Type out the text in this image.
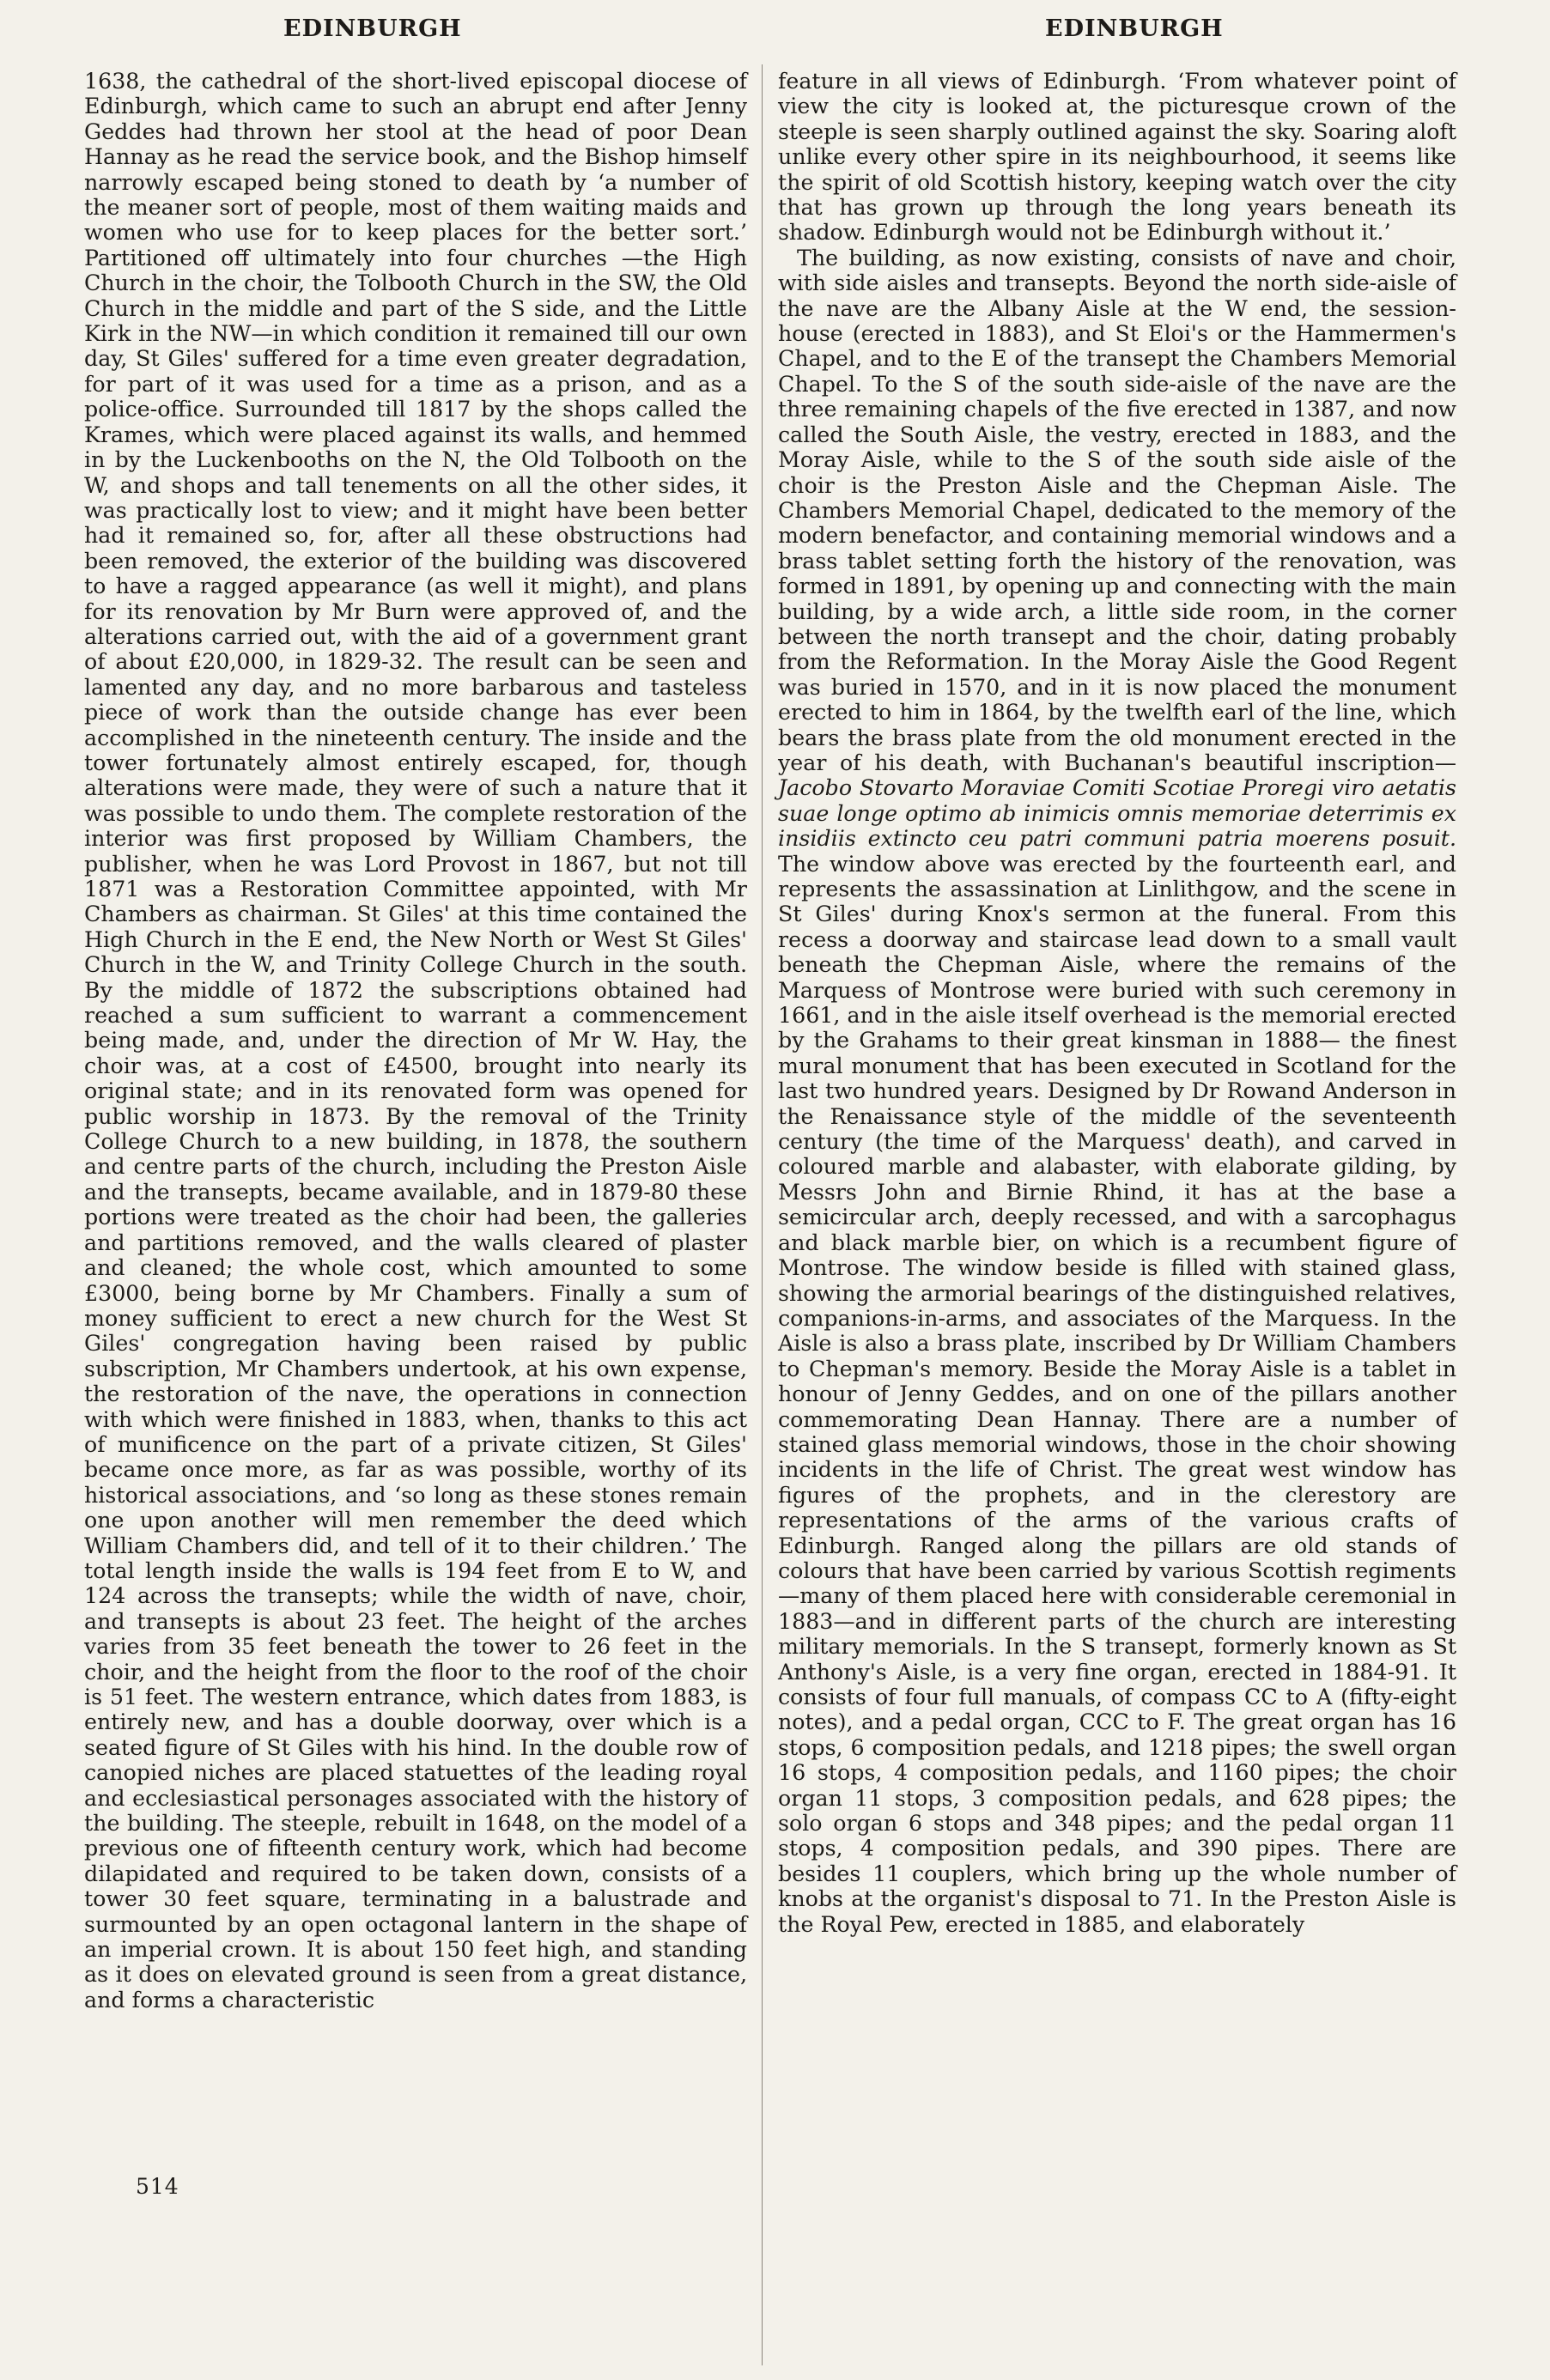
EDINBURGH	EDINBURGH

1638, the cathedral of the short-lived episcopal diocese of Edinburgh, which came to such an abrupt end after Jenny Geddes had thrown her stool at the head of poor Dean Hannay as he read the service book, and the Bishop himself narrowly escaped being stoned to death by ‘a number of the meaner sort of people, most of them waiting maids and women who use for to keep places for the better sort.’ Partitioned off ultimately into four churches —the High Church in the choir, the Tolbooth Church in the SW, the Old Church in the middle and part of the S side, and the Little Kirk in the NW—in which condition it remained till our own day, St Giles' suffered for a time even greater degradation, for part of it was used for a time as a prison, and as a police-office. Surrounded till 1817 by the shops called the Krames, which were placed against its walls, and hemmed in by the Luckenbooths on the N, the Old Tolbooth on the W, and shops and tall tenements on all the other sides, it was practically lost to view; and it might have been better had it remained so, for, after all these obstructions had been removed, the exterior of the building was discovered to have a ragged appearance (as well it might), and plans for its renovation by Mr Burn were approved of, and the alterations carried out, with the aid of a government grant of about £20,000, in 1829-32. The result can be seen and lamented any day, and no more barbarous and tasteless piece of work than the outside change has ever been accomplished in the nineteenth century. The inside and the tower fortunately almost entirely escaped, for, though alterations were made, they were of such a nature that it was possible to undo them. The complete restoration of the interior was first proposed by William Chambers, the publisher, when he was Lord Provost in 1867, but not till 1871 was a Restoration Committee appointed, with Mr Chambers as chairman. St Giles' at this time contained the High Church in the E end, the New North or West St Giles' Church in the W, and Trinity College Church in the south. By the middle of 1872 the subscriptions obtained had reached a sum sufficient to warrant a commencement being made, and, under the direction of Mr W. Hay, the choir was, at a cost of £4500, brought into nearly its original state; and in its renovated form was opened for public worship in 1873. By the removal of the Trinity College Church to a new building, in 1878, the southern and centre parts of the church, including the Preston Aisle and the transepts, became available, and in 1879-80 these portions were treated as the choir had been, the galleries and partitions removed, and the walls cleared of plaster and cleaned; the whole cost, which amounted to some £3000, being borne by Mr Chambers. Finally a sum of money sufficient to erect a new church for the West St Giles' congregation having been raised by public subscription, Mr Chambers undertook, at his own expense, the restoration of the nave, the operations in connection with which were finished in 1883, when, thanks to this act of munificence on the part of a private citizen, St Giles' became once more, as far as was possible, worthy of its historical associations, and ‘so long as these stones remain one upon another will men remember the deed which William Chambers did, and tell of it to their children.’ The total length inside the walls is 194 feet from E to W, and 124 across the transepts; while the width of nave, choir, and transepts is about 23 feet. The height of the arches varies from 35 feet beneath the tower to 26 feet in the choir, and the height from the floor to the roof of the choir is 51 feet. The western entrance, which dates from 1883, is entirely new, and has a double doorway, over which is a seated figure of St Giles with his hind. In the double row of canopied niches are placed statuettes of the leading royal and ecclesiastical personages associated with the history of the building. The steeple, rebuilt in 1648, on the model of a previous one of fifteenth century work, which had become dilapidated and required to be taken down, consists of a tower 30 feet square, terminating in a balustrade and surmounted by an open octagonal lantern in the shape of an imperial crown. It is about 150 feet high, and standing as it does on elevated ground is seen from a great distance, and forms a characteristic

feature in all views of Edinburgh. ‘From whatever point of view the city is looked at, the picturesque crown of the steeple is seen sharply outlined against the sky. Soaring aloft unlike every other spire in its neighbourhood, it seems like the spirit of old Scottish history, keeping watch over the city that has grown up through the long years beneath its shadow. Edinburgh would not be Edinburgh without it.’

The building, as now existing, consists of nave and choir, with side aisles and transepts. Beyond the north side-aisle of the nave are the Albany Aisle at the W end, the session-house (erected in 1883), and St Eloi's or the Hammermen's Chapel, and to the E of the transept the Chambers Memorial Chapel. To the S of the south side-aisle of the nave are the three remaining chapels of the five erected in 1387, and now called the South Aisle, the vestry, erected in 1883, and the Moray Aisle, while to the S of the south side aisle of the choir is the Preston Aisle and the Chepman Aisle. The Chambers Memorial Chapel, dedicated to the memory of the modern benefactor, and containing memorial windows and a brass tablet setting forth the history of the renovation, was formed in 1891, by opening up and connecting with the main building, by a wide arch, a little side room, in the corner between the north transept and the choir, dating probably from the Reformation. In the Moray Aisle the Good Regent was buried in 1570, and in it is now placed the monument erected to him in 1864, by the twelfth earl of the line, which bears the brass plate from the old monument erected in the year of his death, with Buchanan's beautiful inscription—Jacobo Stovarto Moraviae Comiti Scotiae Proregi viro aetatis suae longe optimo ab inimicis omnis memoriae deterrimis ex insidiis extincto ceu patri communi patria moerens posuit. The window above was erected by the fourteenth earl, and represents the assassination at Linlithgow, and the scene in St Giles' during Knox's sermon at the funeral. From this recess a doorway and staircase lead down to a small vault beneath the Chepman Aisle, where the remains of the Marquess of Montrose were buried with such ceremony in 1661, and in the aisle itself overhead is the memorial erected by the Grahams to their great kinsman in 1888— the finest mural monument that has been executed in Scotland for the last two hundred years. Designed by Dr Rowand Anderson in the Renaissance style of the middle of the seventeenth century (the time of the Marquess' death), and carved in coloured marble and alabaster, with elaborate gilding, by Messrs John and Birnie Rhind, it has at the base a semicircular arch, deeply recessed, and with a sarcophagus and black marble bier, on which is a recumbent figure of Montrose. The window beside is filled with stained glass, showing the armorial bearings of the distinguished relatives, companions-in-arms, and associates of the Marquess. In the Aisle is also a brass plate, inscribed by Dr William Chambers to Chepman's memory. Beside the Moray Aisle is a tablet in honour of Jenny Geddes, and on one of the pillars another commemorating Dean Hannay. There are a number of stained glass memorial windows, those in the choir showing incidents in the life of Christ. The great west window has figures of the prophets, and in the clerestory are representations of the arms of the various crafts of Edinburgh. Ranged along the pillars are old stands of colours that have been carried by various Scottish regiments—many of them placed here with considerable ceremonial in 1883—and in different parts of the church are interesting military memorials. In the S transept, formerly known as St Anthony's Aisle, is a very fine organ, erected in 1884-91. It consists of four full manuals, of compass CC to A (fifty-eight notes), and a pedal organ, CCC to F. The great organ has 16 stops, 6 composition pedals, and 1218 pipes; the swell organ 16 stops, 4 composition pedals, and 1160 pipes; the choir organ 11 stops, 3 composition pedals, and 628 pipes; the solo organ 6 stops and 348 pipes; and the pedal organ 11 stops, 4 composition pedals, and 390 pipes. There are besides 11 couplers, which bring up the whole number of knobs at the organist's disposal to 71. In the Preston Aisle is the Royal Pew, erected in 1885, and elaborately

514
